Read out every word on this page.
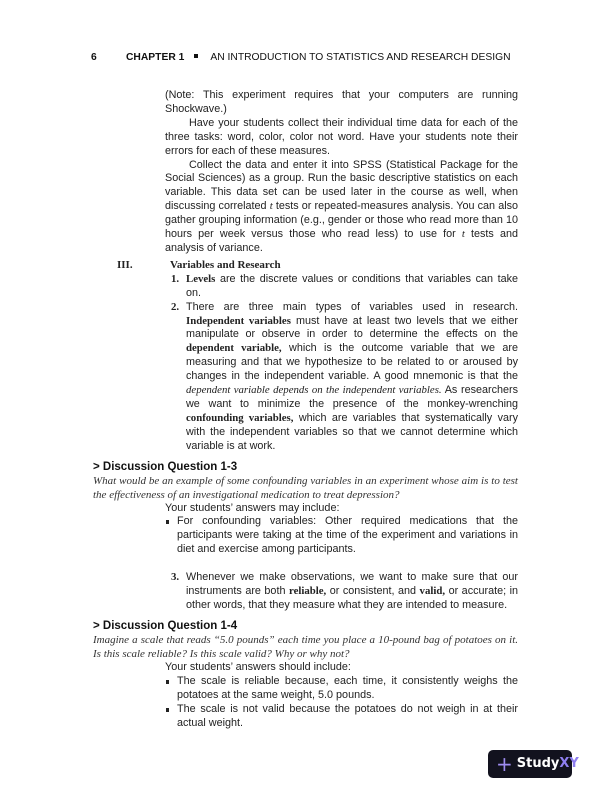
6	CHAPTER 1	AN INTRODUCTION TO STATISTICS AND RESEARCH DESIGN

(Note: This experiment requires that your computers are running Shockwave.)

Have your students collect their individual time data for each of the three tasks: word, color, color not word. Have your students note their errors for each of these measures.

Collect the data and enter it into SPSS (Statistical Package for the Social Sciences) as a group. Run the basic descriptive statistics on each variable. This data set can be used later in the course as well, when discussing correlated t tests or repeated-measures analysis. You can also gather grouping information (e.g., gender or those who read more than 10 hours per week versus those who read less) to use for t tests and analysis of variance.

III.	Variables and Research
1. Levels are the discrete values or conditions that variables can take on.
2. There are three main types of variables used in research. Independent variables must have at least two levels that we either manipulate or observe in order to determine the effects on the dependent variable, which is the outcome variable that we are measuring and that we hypothesize to be related to or aroused by changes in the independent variable. A good mnemonic is that the dependent variable depends on the independent variables. As researchers we want to minimize the presence of the monkey-wrenching confounding variables, which are variables that systematically vary with the independent variables so that we cannot determine which variable is at work.
> Discussion Question 1-3
What would be an example of some confounding variables in an experiment whose aim is to test the effectiveness of an investigational medication to treat depression?

Your students’ answers may include:

For confounding variables: Other required medications that the participants were taking at the time of the experiment and variations in diet and exercise among participants.
3. Whenever we make observations, we want to make sure that our instruments are both reliable, or consistent, and valid, or accurate; in other words, that they measure what they are intended to measure.
> Discussion Question 1-4
Imagine a scale that reads “5.0 pounds” each time you place a 10-pound bag of potatoes on it. Is this scale reliable? Is this scale valid? Why or why not?

Your students’ answers should include:

The scale is reliable because, each time, it consistently weighs the potatoes at the same weight, 5.0 pounds.
The scale is not valid because the potatoes do not weigh in at their actual weight.
+ Study XY
